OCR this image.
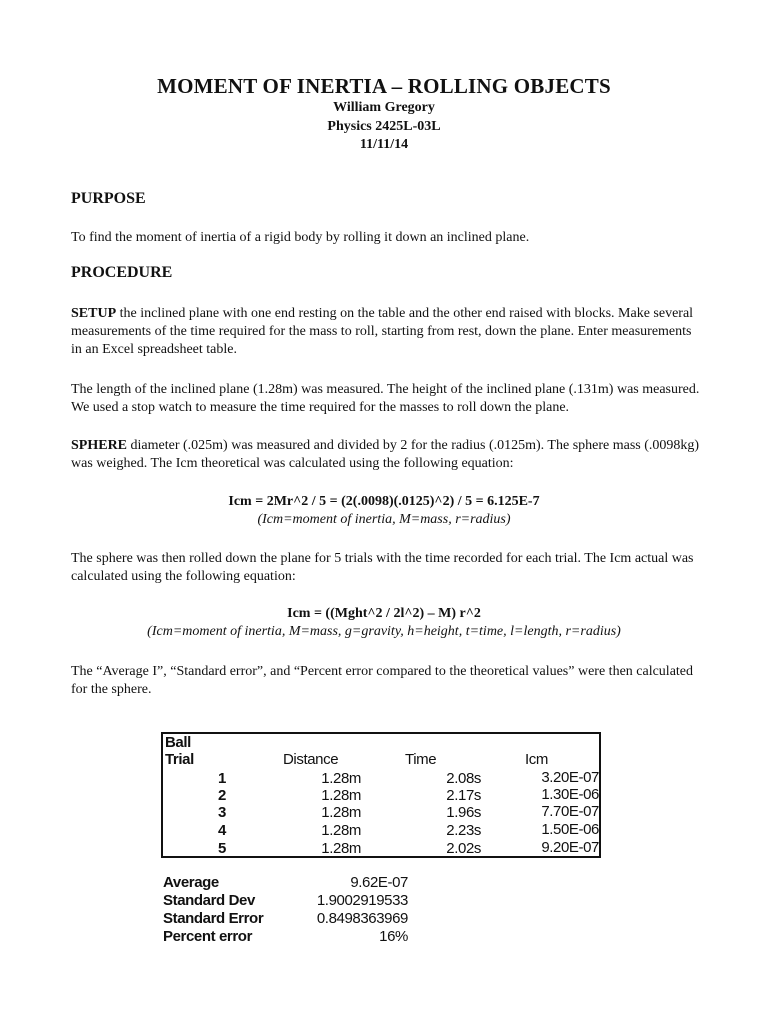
MOMENT OF INERTIA – ROLLING OBJECTS
William Gregory
Physics 2425L-03L
11/11/14
PURPOSE
To find the moment of inertia of a rigid body by rolling it down an inclined plane.
PROCEDURE
SETUP the inclined plane with one end resting on the table and the other end raised with blocks. Make several measurements of the time required for the mass to roll, starting from rest, down the plane. Enter measurements in an Excel spreadsheet table.
The length of the inclined plane (1.28m) was measured. The height of the inclined plane (.131m) was measured. We used a stop watch to measure the time required for the masses to roll down the plane.
SPHERE diameter (.025m) was measured and divided by 2 for the radius (.0125m). The sphere mass (.0098kg) was weighed. The Icm theoretical was calculated using the following equation:
Icm = 2Mr^2 / 5 = (2(.0098)(.0125)^2) / 5 = 6.125E-7
(Icm=moment of inertia, M=mass, r=radius)
The sphere was then rolled down the plane for 5 trials with the time recorded for each trial. The Icm actual was calculated using the following equation:
Icm = ((Mght^2 / 2l^2) – M) r^2
(Icm=moment of inertia, M=mass, g=gravity, h=height, t=time, l=length, r=radius)
The “Average I”, “Standard error”, and “Percent error compared to the theoretical values” were then calculated for the sphere.
Ball
Trial	Distance	Time	Icm
1	1.28m	2.08s	3.20E-07
2	1.28m	2.17s	1.30E-06
3	1.28m	1.96s	7.70E-07
4	1.28m	2.23s	1.50E-06
5	1.28m	2.02s	9.20E-07
Average	9.62E-07
Standard Dev	1.9002919533
Standard Error	0.8498363969
Percent error	16%
